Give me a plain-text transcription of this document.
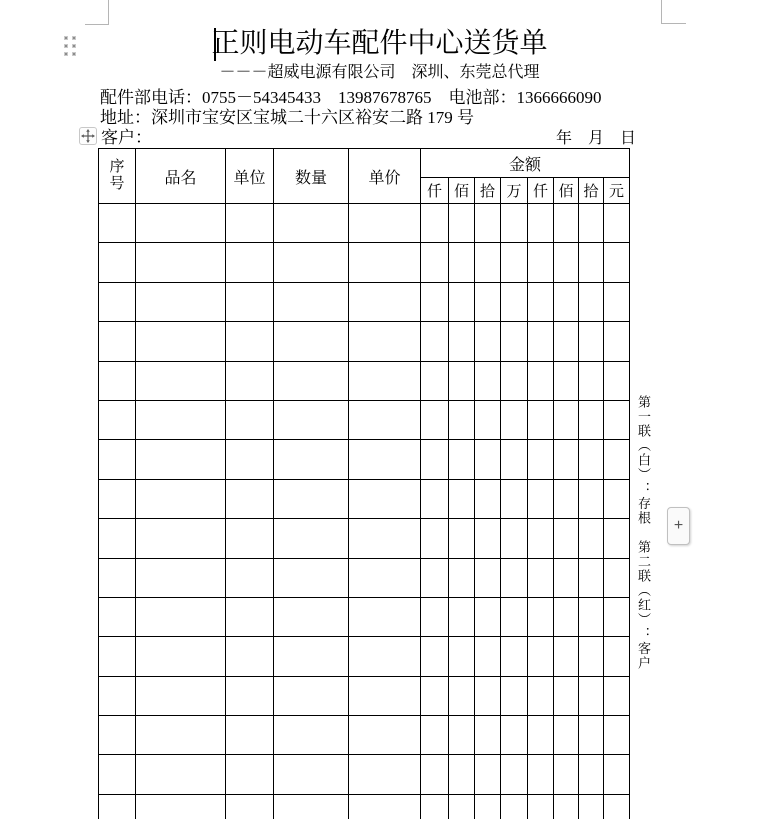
正则电动车配件中心送货单
－－－超威电源有限公司　深圳、东莞总代理
配件部电话：0755－54345433　13987678765　电池部：1366666090
地址：深圳市宝安区宝城二十六区裕安二路 179 号
客户：	年　月　日
序号	品名	单位	数量	单价	金额							
					仟	佰	拾	万	仟	佰	拾	元

第一联（白）：存根　第二联（红）：客户 +
